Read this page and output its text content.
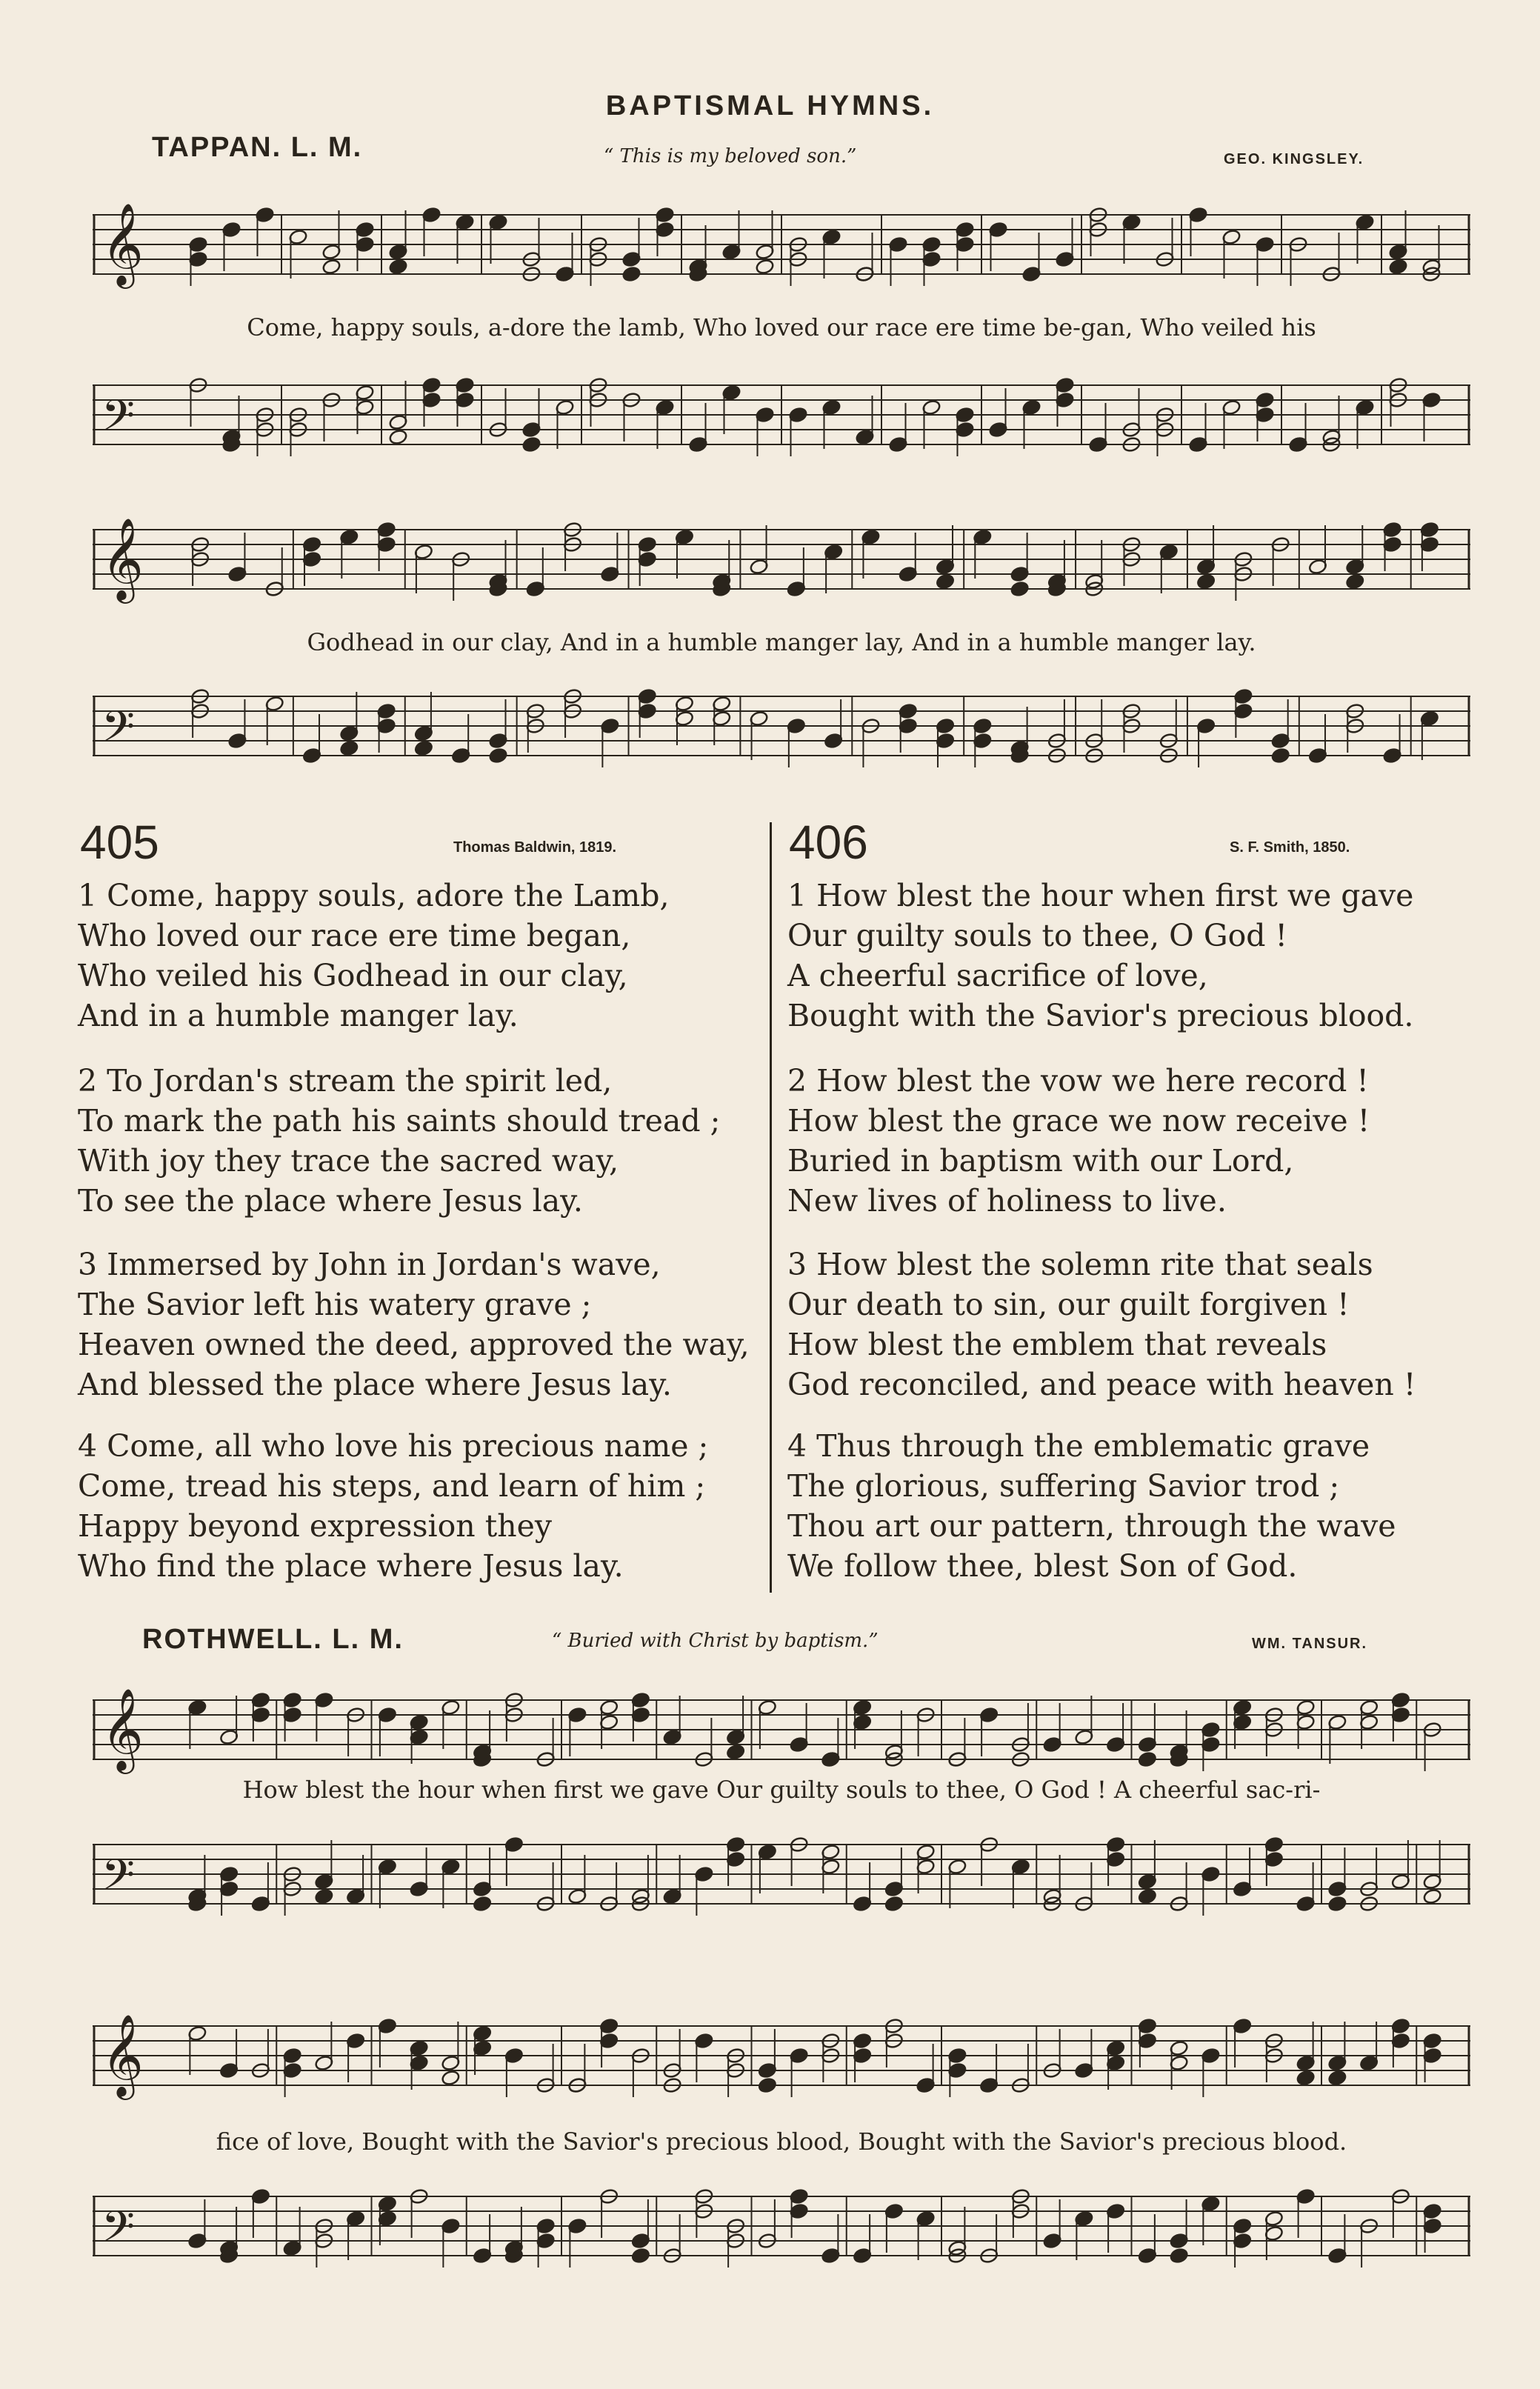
BAPTISMAL HYMNS.
TAPPAN. L. M.	“ This is my beloved son.”	GEO. KINGSLEY.
𝄞
Come, happy souls, a-dore the lamb, Who loved our race ere time be-gan, Who veiled his
𝄢
𝄞
Godhead in our clay, And in a humble manger lay, And in a humble manger lay.
𝄢
405	Thomas Baldwin, 1819.
1 Come, happy souls, adore the Lamb,
Who loved our race ere time began,
Who veiled his Godhead in our clay,
And in a humble manger lay.
2 To Jordan's stream the spirit led,
To mark the path his saints should tread ;
With joy they trace the sacred way,
To see the place where Jesus lay.
3 Immersed by John in Jordan's wave,
The Savior left his watery grave ;
Heaven owned the deed, approved the way,
And blessed the place where Jesus lay.
4 Come, all who love his precious name ;
Come, tread his steps, and learn of him ;
Happy beyond expression they
Who find the place where Jesus lay.
406	S. F. Smith, 1850.
1 How blest the hour when first we gave
Our guilty souls to thee, O God !
A cheerful sacrifice of love,
Bought with the Savior's precious blood.
2 How blest the vow we here record !
How blest the grace we now receive !
Buried in baptism with our Lord,
New lives of holiness to live.
3 How blest the solemn rite that seals
Our death to sin, our guilt forgiven !
How blest the emblem that reveals
God reconciled, and peace with heaven !
4 Thus through the emblematic grave
The glorious, suffering Savior trod ;
Thou art our pattern, through the wave
We follow thee, blest Son of God.
ROTHWELL. L. M.	“ Buried with Christ by baptism.”	WM. TANSUR.
𝄞
How blest the hour when first we gave Our guilty souls to thee, O God ! A cheerful sac-ri-
𝄢
𝄞
fice of love, Bought with the Savior's precious blood, Bought with the Savior's precious blood.
𝄢
